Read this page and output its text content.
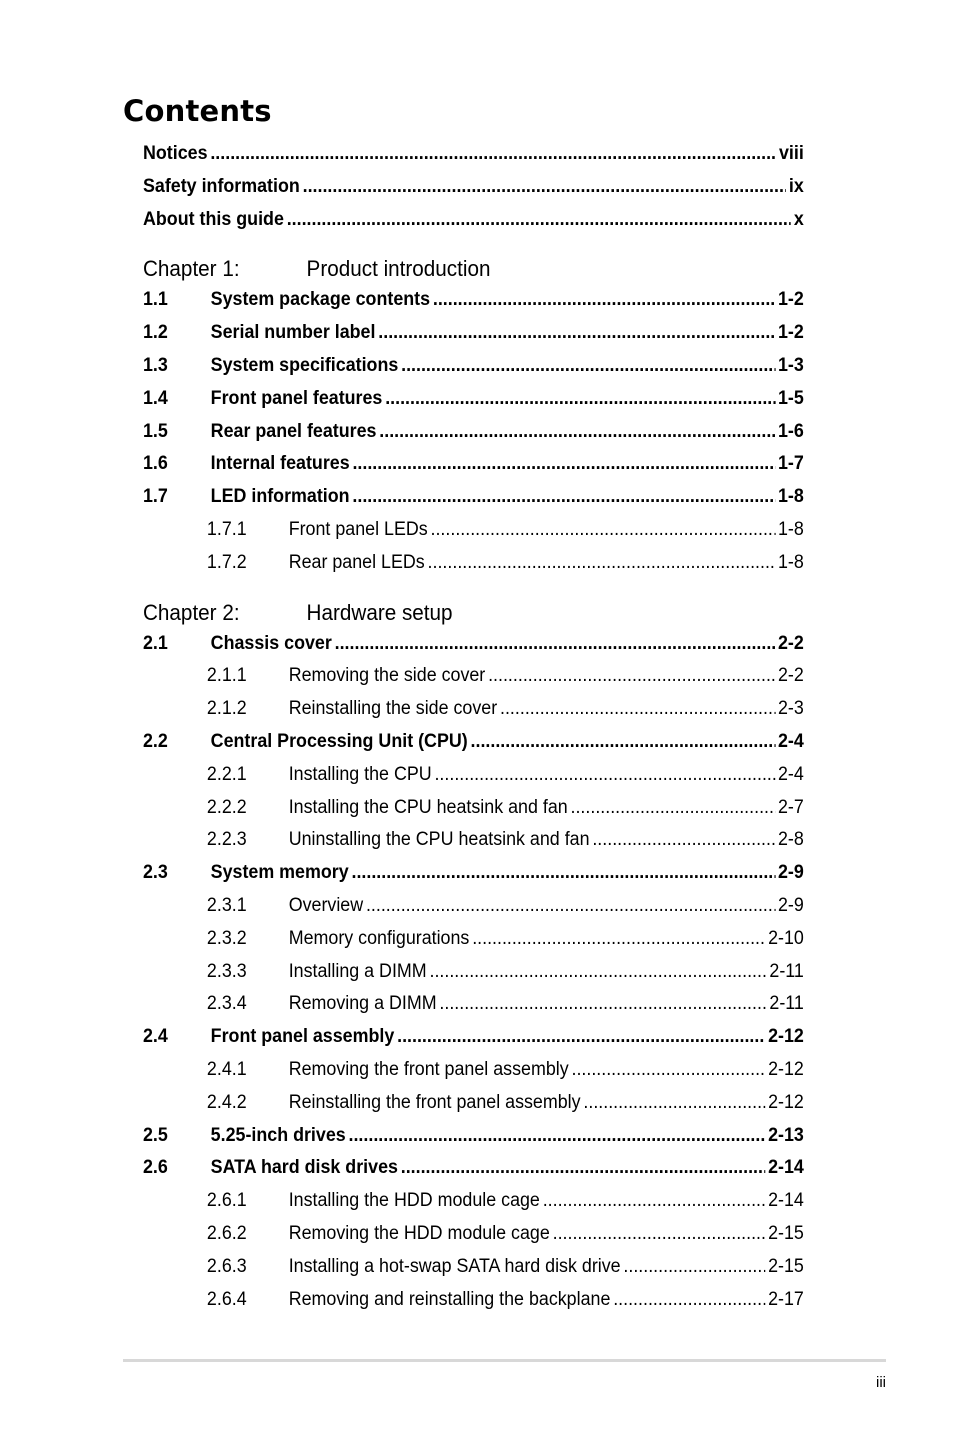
Contents
Notices .....	viii
Safety information .....	ix
About this guide .....	x
Chapter 1:	Product introduction
1.1	System package contents .....	1-2
1.2	Serial number label .....	1-2
1.3	System specifications .....	1-3
1.4	Front panel features .....	1-5
1.5	Rear panel features .....	1-6
1.6	Internal features .....	1-7
1.7	LED information .....	1-8
1.7.1	Front panel LEDs .....	1-8
1.7.2	Rear panel LEDs .....	1-8
Chapter 2:	Hardware setup
2.1	Chassis cover .....	2-2
2.1.1	Removing the side cover .....	2-2
2.1.2	Reinstalling the side cover .....	2-3
2.2	Central Processing Unit (CPU) .....	2-4
2.2.1	Installing the CPU .....	2-4
2.2.2	Installing the CPU heatsink and fan .....	2-7
2.2.3	Uninstalling the CPU heatsink and fan .....	2-8
2.3	System memory .....	2-9
2.3.1	Overview .....	2-9
2.3.2	Memory configurations .....	2-10
2.3.3	Installing a DIMM .....	2-11
2.3.4	Removing a DIMM .....	2-11
2.4	Front panel assembly .....	2-12
2.4.1	Removing the front panel assembly .....	2-12
2.4.2	Reinstalling the front panel assembly .....	2-12
2.5	5.25-inch drives .....	2-13
2.6	SATA hard disk drives .....	2-14
2.6.1	Installing the HDD module cage .....	2-14
2.6.2	Removing the HDD module cage .....	2-15
2.6.3	Installing a hot-swap SATA hard disk drive .....	2-15
2.6.4	Removing and reinstalling the backplane .....	2-17
iii
